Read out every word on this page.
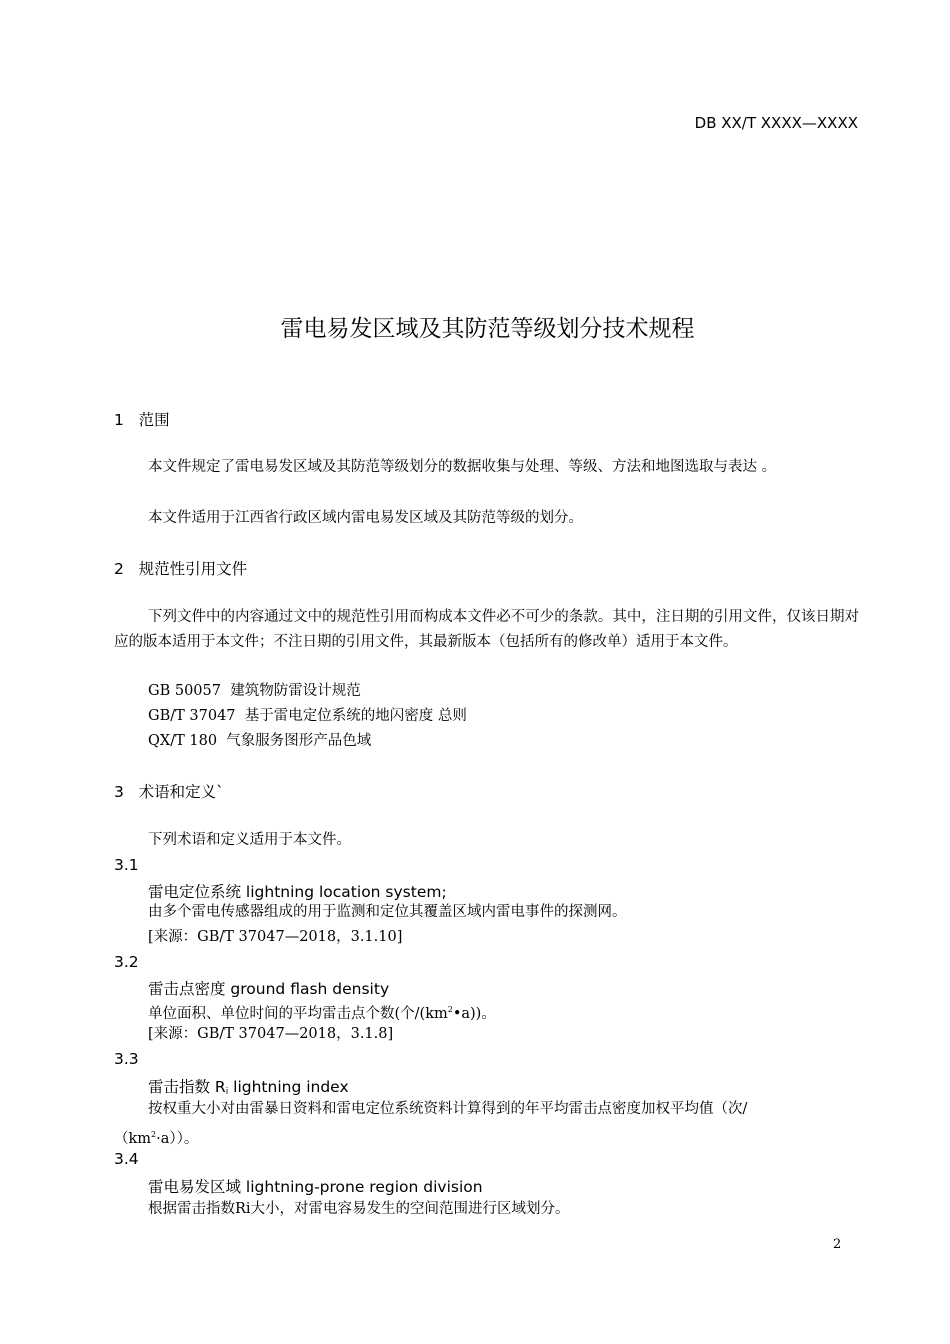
DB XX/T XXXX—XXXX
雷电易发区域及其防范等级划分技术规程
1   范围
本文件规定了雷电易发区域及其防范等级划分的数据收集与处理、等级、方法和地图选取与表达 。
本文件适用于江西省行政区域内雷电易发区域及其防范等级的划分。
2   规范性引用文件
下列文件中的内容通过文中的规范性引用而构成本文件必不可少的条款。其中，注日期的引用文件，仅该日期对应的版本适用于本文件；不注日期的引用文件，其最新版本（包括所有的修改单）适用于本文件。
GB 50057  建筑物防雷设计规范
GB/T 37047  基于雷电定位系统的地闪密度 总则
QX/T 180  气象服务图形产品色域
3   术语和定义`
下列术语和定义适用于本文件。
3.1
雷电定位系统 lightning location system;
由多个雷电传感器组成的用于监测和定位其覆盖区域内雷电事件的探测网。
[来源：GB/T 37047—2018，3.1.10]
3.2
雷击点密度 ground flash density
单位面积、单位时间的平均雷击点个数(个$/(km^2•a)$)。
[来源：GB/T 37047—2018，3.1.8]
3.3
雷击指数 $R_i$ lightning index
按权重大小对由雷暴日资料和雷电定位系统资料计算得到的年平均雷击点密度加权平均值（次/
$(km^2\cdot a)$）。
3.4
雷电易发区域 lightning-prone region division
根据雷击指数Ri大小，对雷电容易发生的空间范围进行区域划分。
2
